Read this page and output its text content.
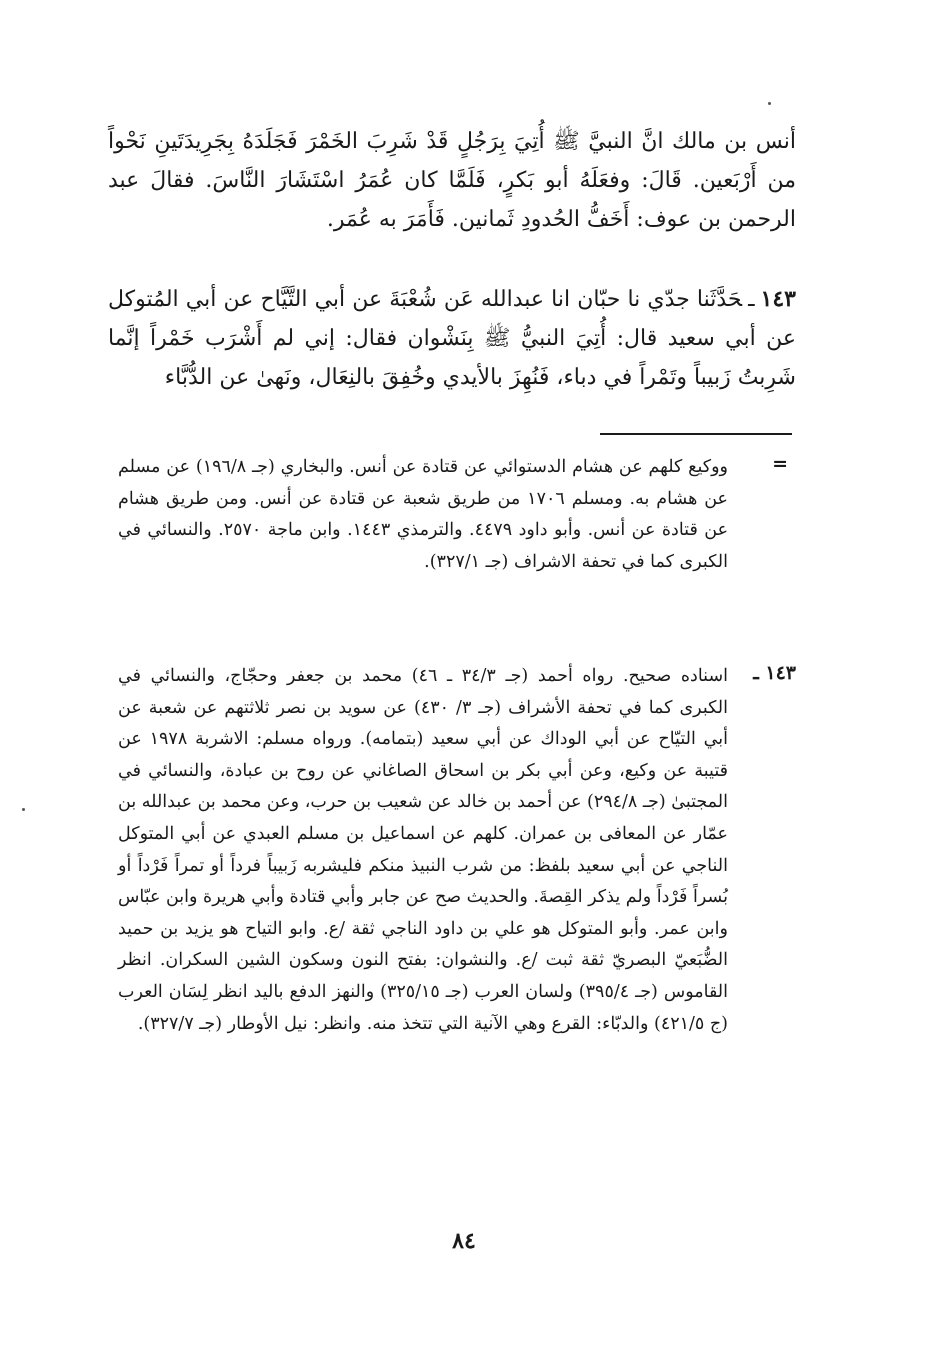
أنس بن مالك انَّ النبيَّ ﷺ أُتِيَ بِرَجُلٍ قَدْ شَرِبَ الخَمْرَ فَجَلَدَهُ بِجَرِيدَتَينِ نَحْواً من أَرْبَعين. قَالَ: وفعَلَهُ أبو بَكرٍ، فَلَمَّا كان عُمَرُ اسْتَشَارَ النَّاسَ. فقالَ عبد الرحمن بن عوف: أَخَفُّ الحُدودِ ثَمانين. فَأَمَرَ به عُمَر.

١٤٣ـحَدَّثَنا جدّي نا حبّان انا عبدالله عَن شُعْبَةَ عن أبي التَّيَّاح عن أبي المُتوكل عن أبي سعيد قال: أُتِيَ النبيُّ ﷺ بِنَشْوان فقال: إني لم أَشْرَب خَمْراً إنَّما شَرِبتُ زَبيباً وتَمْراً في دباء، فَنُهِزَ بالأيدي وخُفِقَ بالنِعَال، ونَهىٰ عن الدُّبَّاء

=

ووكيع كلهم عن هشام الدستوائي عن قتادة عن أنس. والبخاري (جـ ١٩٦/٨) عن مسلم عن هشام به. ومسلم ١٧٠٦ من طريق شعبة عن قتادة عن أنس. ومن طريق هشام عن قتادة عن أنس. وأبو داود ٤٤٧٩. والترمذي ١٤٤٣. وابن ماجة ٢٥٧٠. والنسائي في الكبرى كما في تحفة الاشراف (جـ ٣٢٧/١).

١٤٣ ـ

اسناده صحيح. رواه أحمد (جـ ٣٤/٣ ـ ٤٦) محمد بن جعفر وحجّاج، والنسائي في الكبرى كما في تحفة الأشراف (جـ ٣/ ٤٣٠) عن سويد بن نصر ثلاثتهم عن شعبة عن أبي التيّاح عن أبي الوداك عن أبي سعيد (بتمامه). ورواه مسلم: الاشربة ١٩٧٨ عن قتيبة عن وكيع، وعن أبي بكر بن اسحاق الصاغاني عن روح بن عبادة، والنسائي في المجتبىٰ (جـ ٢٩٤/٨) عن أحمد بن خالد عن شعيب بن حرب، وعن محمد بن عبدالله بن عمّار عن المعافى بن عمران. كلهم عن اسماعيل بن مسلم العبدي عن أبي المتوكل الناجي عن أبي سعيد بلفظ: من شرب النبيذ منكم فليشربه زَبيباً فرداً أو تمراً فَرْداً أو بُسراً فَرْداً ولم يذكر القِصةَ. والحديث صح عن جابر وأبي قتادة وأبي هريرة وابن عبّاس وابن عمر. وأبو المتوكل هو علي بن داود الناجي ثقة /ع. وابو التياح هو يزيد بن حميد الضُّبَعيّ البصريّ ثقة ثبت /ع. والنشوان: بفتح النون وسكون الشين السكران. انظر القاموس (جـ ٣٩٥/٤) ولسان العرب (جـ ٣٢٥/١٥) والنهز الدفع باليد انظر لِسَان العرب (ج ٤٢١/٥) والدبّاء: القرع وهي الآنية التي تتخذ منه. وانظر: نيل الأوطار (جـ ٣٢٧/٧).

٨٤
